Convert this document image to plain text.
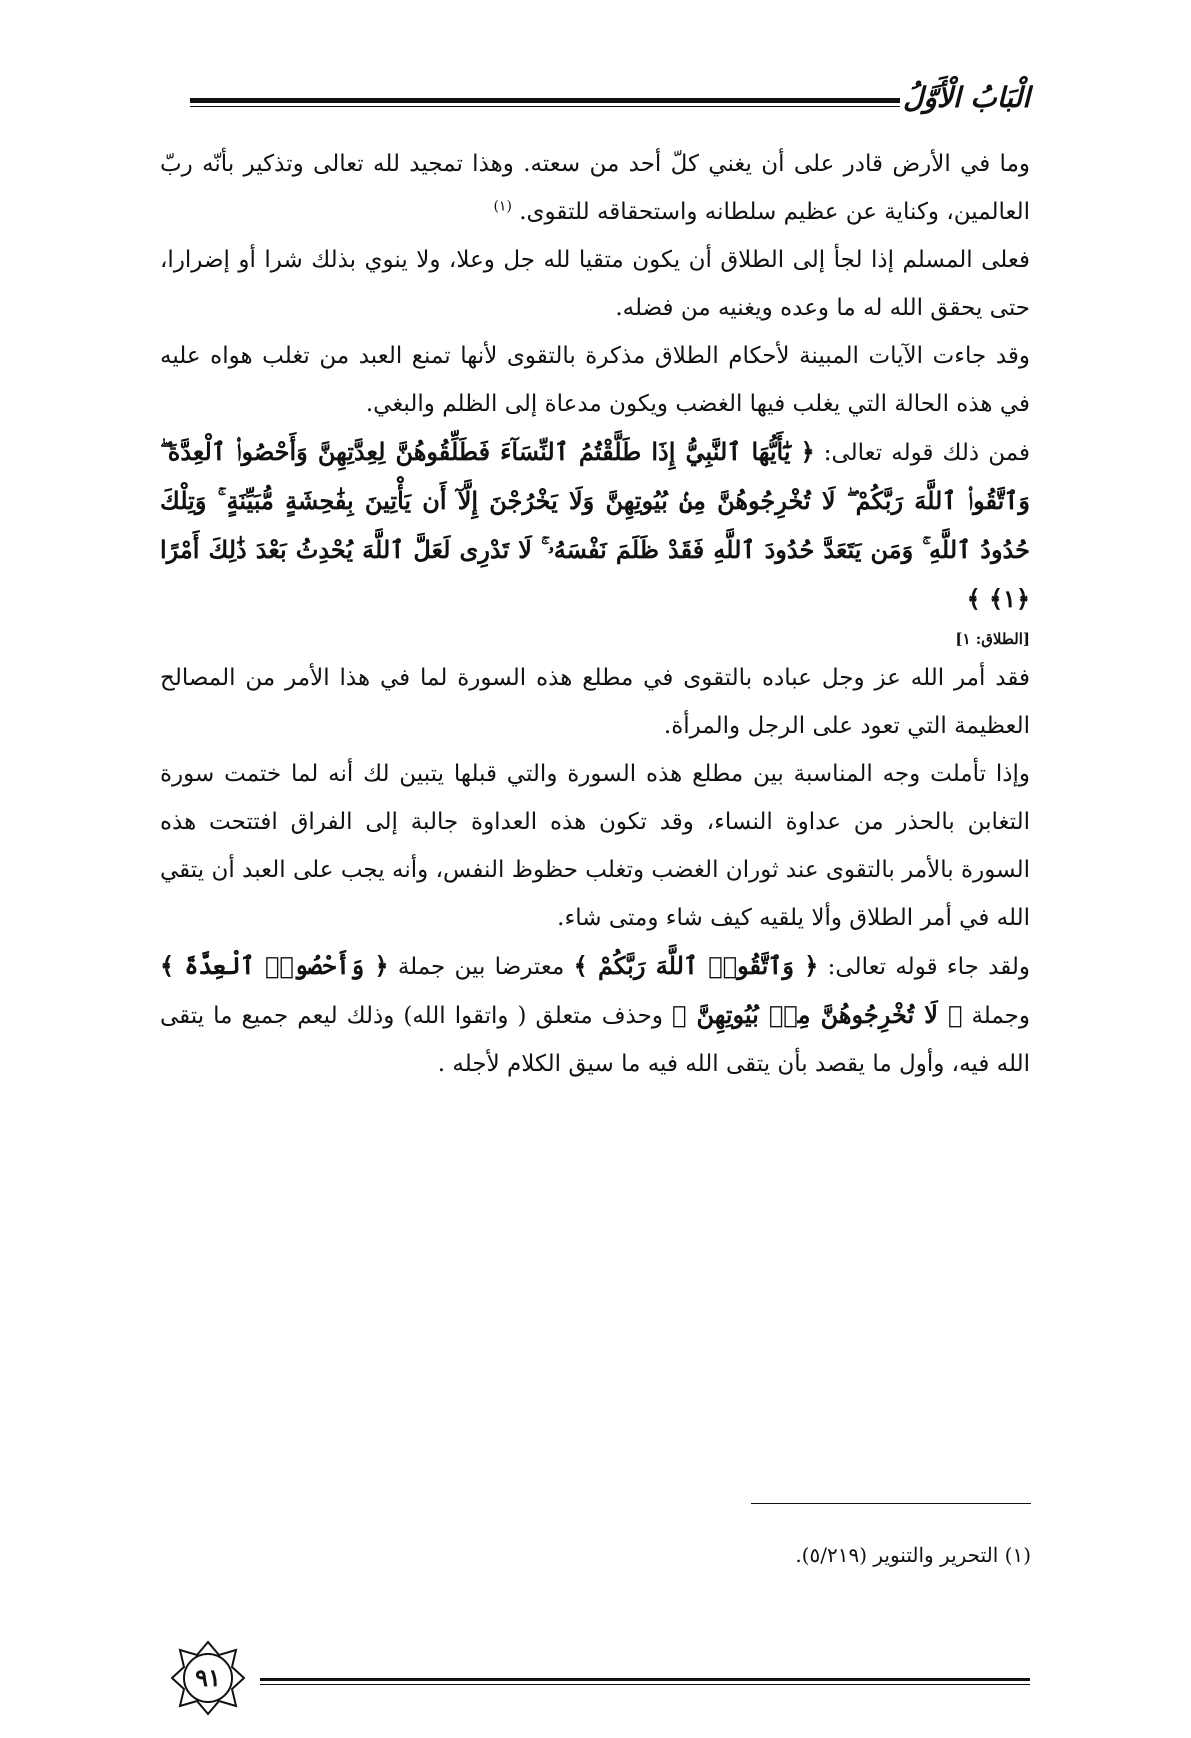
الْبَابُ الْأَوَّلُ

وما في الأرض قادر على أن يغني كلّ أحد من سعته. وهذا تمجيد لله تعالى وتذكير بأنّه ربّ العالمين، وكناية عن عظيم سلطانه واستحقاقه للتقوى. $^{(١)}$

فعلى المسلم إذا لجأ إلى الطلاق أن يكون متقيا لله جل وعلا، ولا ينوي بذلك شرا أو إضرارا، حتى يحقق الله له ما وعده ويغنيه من فضله.

وقد جاءت الآيات المبينة لأحكام الطلاق مذكرة بالتقوى لأنها تمنع العبد من تغلب هواه عليه في هذه الحالة التي يغلب فيها الغضب ويكون مدعاة إلى الظلم والبغي.

فمن ذلك قوله تعالى: ﴿ يَٰٓأَيُّهَا ٱلنَّبِيُّ إِذَا طَلَّقْتُمُ ٱلنِّسَآءَ فَطَلِّقُوهُنَّ لِعِدَّتِهِنَّ وَأَحْصُوا۟ ٱلْعِدَّةَ ۖ وَٱتَّقُوا۟ ٱللَّهَ رَبَّكُمْ ۖ لَا تُخْرِجُوهُنَّ مِنۢ بُيُوتِهِنَّ وَلَا يَخْرُجْنَ إِلَّآ أَن يَأْتِينَ بِفَٰحِشَةٍ مُّبَيِّنَةٍ ۚ وَتِلْكَ حُدُودُ ٱللَّهِ ۚ وَمَن يَتَعَدَّ حُدُودَ ٱللَّهِ فَقَدْ ظَلَمَ نَفْسَهُۥ ۚ لَا تَدْرِى لَعَلَّ ٱللَّهَ يُحْدِثُ بَعْدَ ذَٰلِكَ أَمْرًا ﴿١﴾ ﴾
[الطلاق: ١]

فقد أمر الله عز وجل عباده بالتقوى في مطلع هذه السورة لما في هذا الأمر من المصالح العظيمة التي تعود على الرجل والمرأة.

وإذا تأملت وجه المناسبة بين مطلع هذه السورة والتي قبلها يتبين لك أنه لما ختمت سورة التغابن بالحذر من عداوة النساء، وقد تكون هذه العداوة جالبة إلى الفراق افتتحت هذه السورة بالأمر بالتقوى عند ثوران الغضب وتغلب حظوظ النفس، وأنه يجب على العبد أن يتقي الله في أمر الطلاق وألا يلقيه كيف شاء ومتى شاء.

ولقد جاء قوله تعالى: ﴿ وَٱتَّقُوا۟ ٱللَّهَ رَبَّكُمْ ﴾ معترضا بين جملة ﴿ وَأَحْصُوا۟ ٱلْعِدَّةَ ﴾ وجملة ﴿ لَا تُخْرِجُوهُنَّ مِنۢ بُيُوتِهِنَّ ﴾ وحذف متعلق ( واتقوا الله) وذلك ليعم جميع ما يتقى الله فيه، وأول ما يقصد بأن يتقى الله فيه ما سيق الكلام لأجله .

(١) التحرير والتنوير (٥/٢١٩).
٩١
